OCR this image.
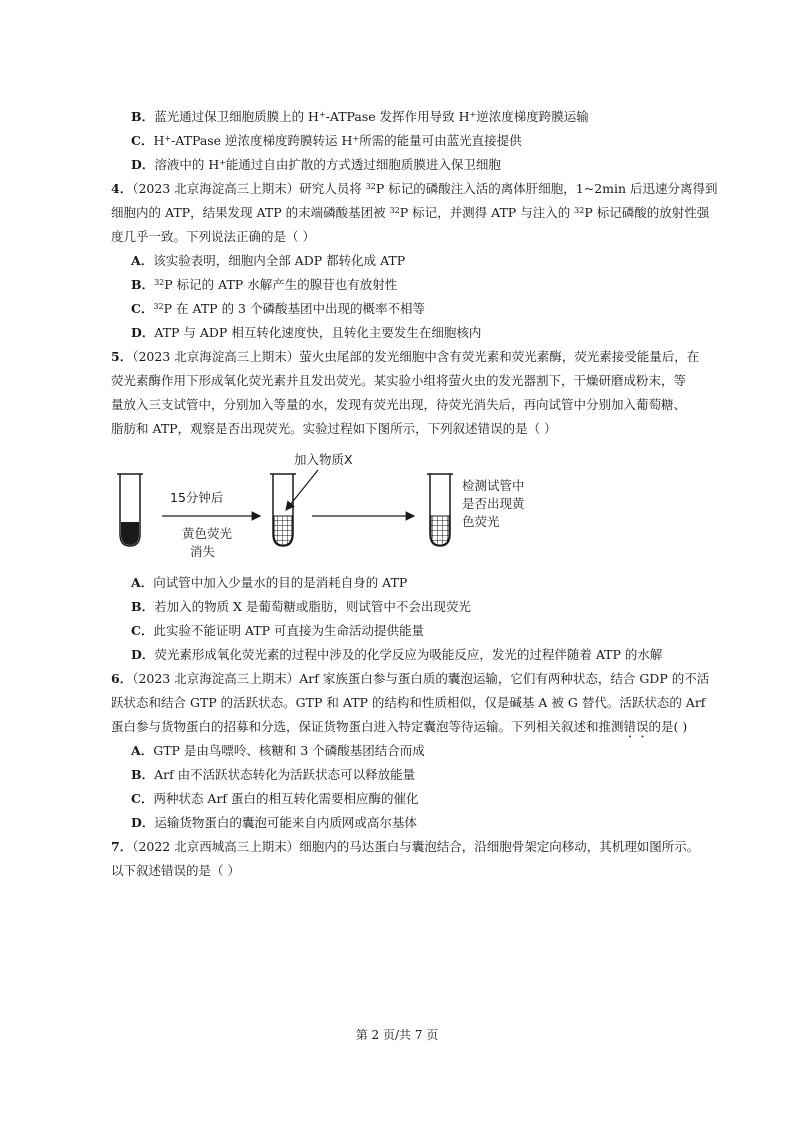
B．蓝光通过保卫细胞质膜上的 H+-ATPase 发挥作用导致 H+逆浓度梯度跨膜运输
C．H+-ATPase 逆浓度梯度跨膜转运 H+所需的能量可由蓝光直接提供
D．溶液中的 H+能通过自由扩散的方式透过细胞质膜进入保卫细胞
4．（2023 北京海淀高三上期末）研究人员将 $^{32}$P 标记的磷酸注入活的离体肝细胞，1~2min 后迅速分离得到
细胞内的 ATP，结果发现 ATP 的末端磷酸基团被 $^{32}$P 标记，并测得 ATP 与注入的 $^{32}$P 标记磷酸的放射性强
度几乎一致。下列说法正确的是（ ）
A．该实验表明，细胞内全部 ADP 都转化成 ATP
B．$^{32}$P 标记的 ATP 水解产生的腺苷也有放射性
C．$^{32}$P 在 ATP 的 3 个磷酸基团中出现的概率不相等
D．ATP 与 ADP 相互转化速度快，且转化主要发生在细胞核内
5．（2023 北京海淀高三上期末）萤火虫尾部的发光细胞中含有荧光素和荧光素酶，荧光素接受能量后，在
荧光素酶作用下形成氧化荧光素并且发出荧光。某实验小组将萤火虫的发光器割下，干燥研磨成粉末，等
量放入三支试管中，分别加入等量的水，发现有荧光出现，待荧光消失后，再向试管中分别加入葡萄糖、
脂肪和 ATP，观察是否出现荧光。实验过程如下图所示，下列叙述错误的是（ ）
15分钟后
黄色荧光
消失
加入物质X
检测试管中
是否出现黄
色荧光
A．向试管中加入少量水的目的是消耗自身的 ATP
B．若加入的物质 X 是葡萄糖或脂肪，则试管中不会出现荧光
C．此实验不能证明 ATP 可直接为生命活动提供能量
D．荧光素形成氧化荧光素的过程中涉及的化学反应为吸能反应，发光的过程伴随着 ATP 的水解
6．（2023 北京海淀高三上期末）Arf 家族蛋白参与蛋白质的囊泡运输，它们有两种状态，结合 GDP 的不活
跃状态和结合 GTP 的活跃状态。GTP 和 ATP 的结构和性质相似，仅是碱基 A 被 G 替代。活跃状态的 Arf
蛋白参与货物蛋白的招募和分选，保证货物蛋白进入特定囊泡等待运输。下列相关叙述和推测错误的是( )
A．GTP 是由鸟嘌呤、核糖和 3 个磷酸基团结合而成
B．Arf 由不活跃状态转化为活跃状态可以释放能量
C．两种状态 Arf 蛋白的相互转化需要相应酶的催化
D．运输货物蛋白的囊泡可能来自内质网或高尔基体
7．（2022 北京西城高三上期末）细胞内的马达蛋白与囊泡结合，沿细胞骨架定向移动，其机理如图所示。
以下叙述错误的是（ ）
第 2 页/共 7 页
